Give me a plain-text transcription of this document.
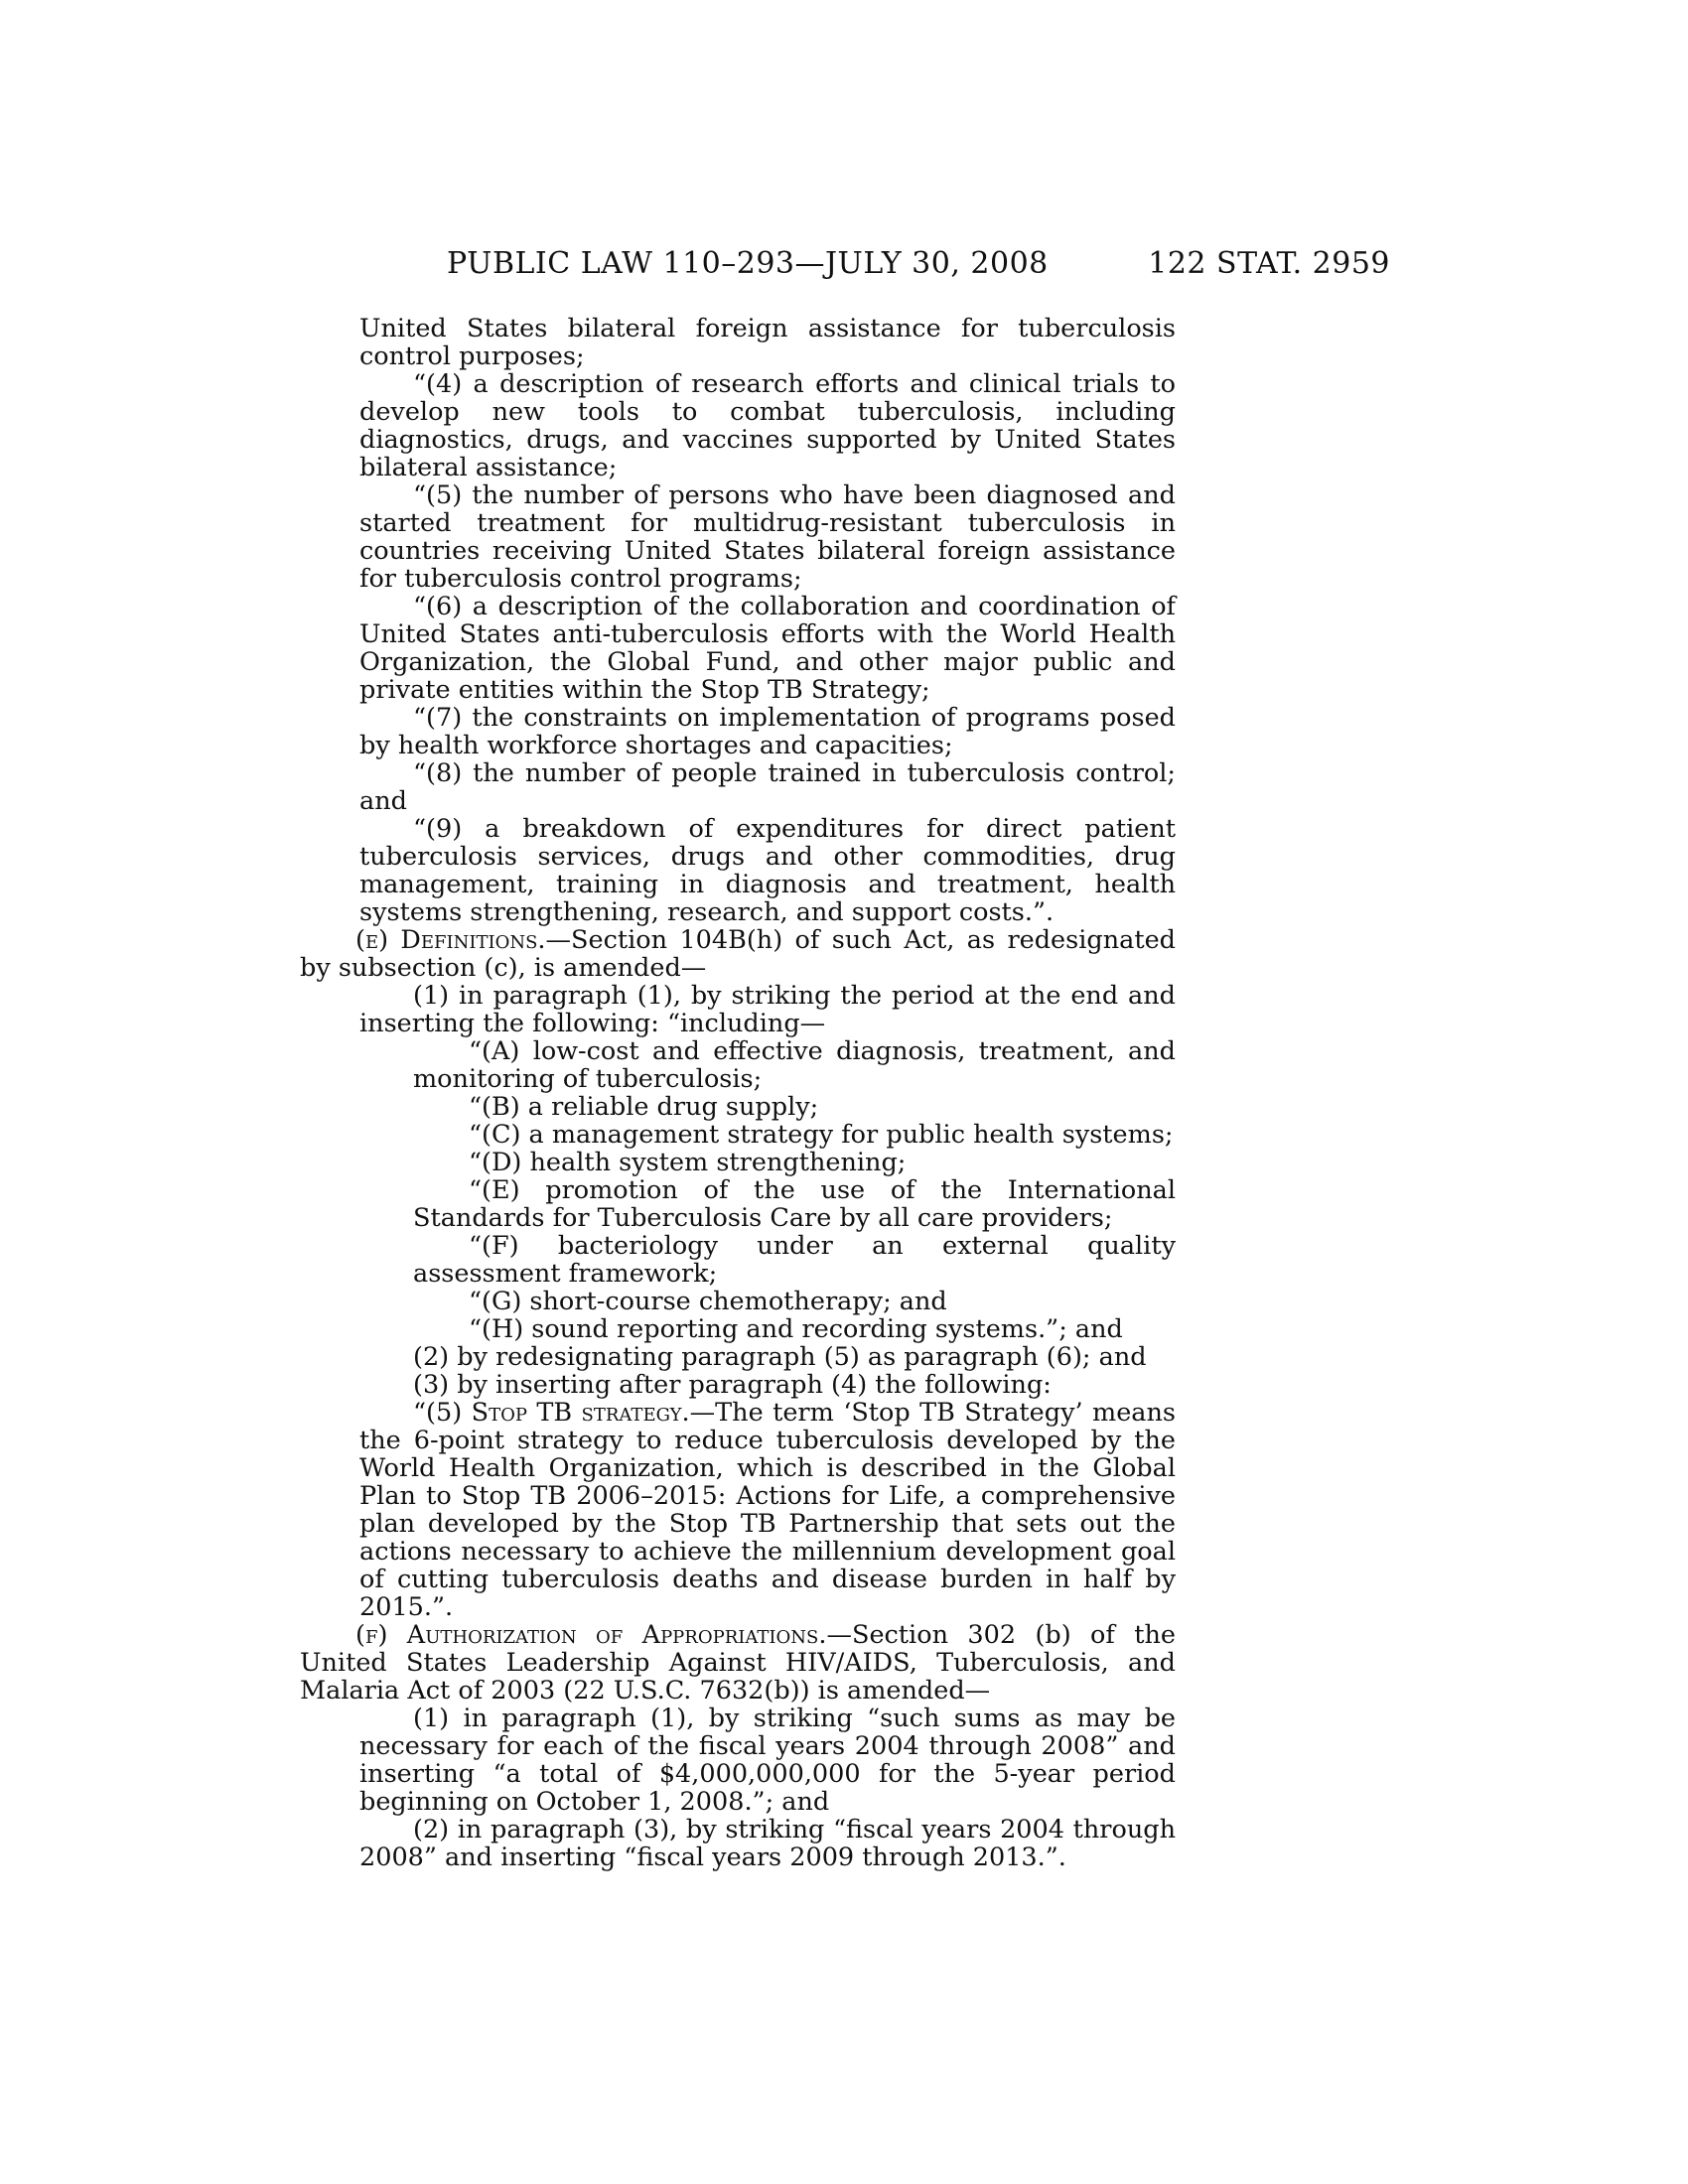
PUBLIC LAW 110–293—JULY 30, 2008	122 STAT. 2959

United States bilateral foreign assistance for tuberculosis control purposes;

“(4) a description of research efforts and clinical trials to develop new tools to combat tuberculosis, including diagnostics, drugs, and vaccines supported by United States bilateral assistance;

“(5) the number of persons who have been diagnosed and started treatment for multidrug-resistant tuberculosis in countries receiving United States bilateral foreign assistance for tuberculosis control programs;

“(6) a description of the collaboration and coordination of United States anti-tuberculosis efforts with the World Health Organization, the Global Fund, and other major public and private entities within the Stop TB Strategy;

“(7) the constraints on implementation of programs posed by health workforce shortages and capacities;

“(8) the number of people trained in tuberculosis control; and

“(9) a breakdown of expenditures for direct patient tuberculosis services, drugs and other commodities, drug management, training in diagnosis and treatment, health systems strengthening, research, and support costs.”.

(e) Definitions.—Section 104B(h) of such Act, as redesignated by subsection (c), is amended—

(1) in paragraph (1), by striking the period at the end and inserting the following: “including—

“(A) low-cost and effective diagnosis, treatment, and monitoring of tuberculosis;

“(B) a reliable drug supply;

“(C) a management strategy for public health systems;

“(D) health system strengthening;

“(E) promotion of the use of the International Standards for Tuberculosis Care by all care providers;

“(F) bacteriology under an external quality assessment framework;

“(G) short-course chemotherapy; and

“(H) sound reporting and recording systems.”; and

(2) by redesignating paragraph (5) as paragraph (6); and

(3) by inserting after paragraph (4) the following:

“(5) Stop TB strategy.—The term ‘Stop TB Strategy’ means the 6-point strategy to reduce tuberculosis developed by the World Health Organization, which is described in the Global Plan to Stop TB 2006–2015: Actions for Life, a comprehensive plan developed by the Stop TB Partnership that sets out the actions necessary to achieve the millennium development goal of cutting tuberculosis deaths and disease burden in half by 2015.”.

(f) Authorization of Appropriations.—Section 302 (b) of the United States Leadership Against HIV/AIDS, Tuberculosis, and Malaria Act of 2003 (22 U.S.C. 7632(b)) is amended—

(1) in paragraph (1), by striking “such sums as may be necessary for each of the fiscal years 2004 through 2008” and inserting “a total of $4,000,000,000 for the 5-year period beginning on October 1, 2008.”; and

(2) in paragraph (3), by striking “fiscal years 2004 through 2008” and inserting “fiscal years 2009 through 2013.”.
